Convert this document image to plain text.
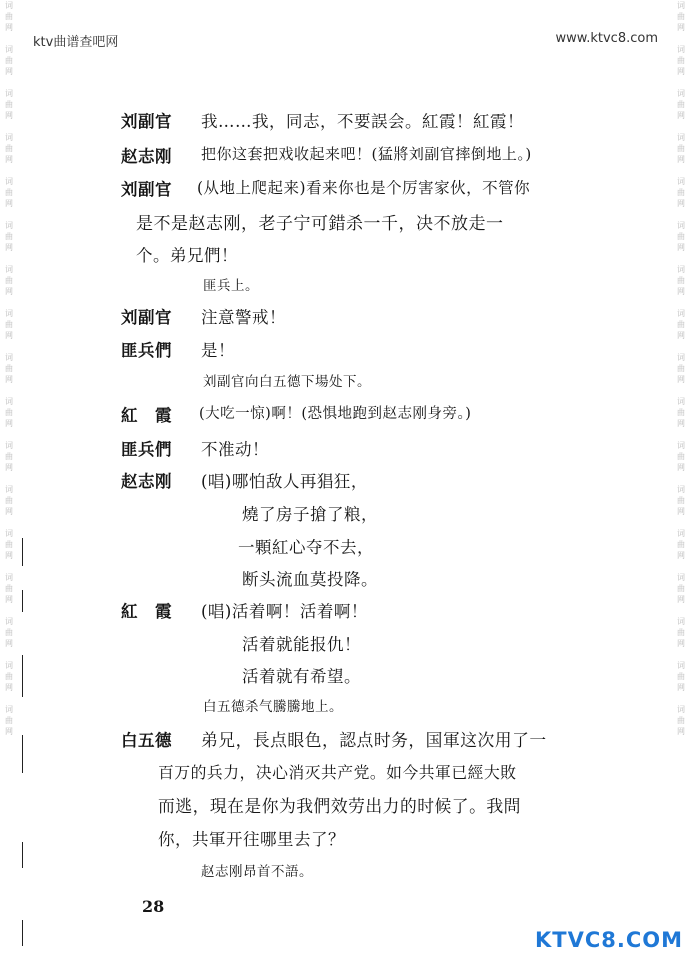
ktv曲谱查吧网	www.ktvc8.com
词
曲
网

词
曲
网

词
曲
网

词
曲
网

词
曲
网

词
曲
网

词
曲
网

词
曲
网

词
曲
网

词
曲
网

词
曲
网

词
曲
网

词
曲
网

词
曲
网

词
曲
网

词
曲
网

词
曲
网

词
曲
网

词
曲
网

词
曲
网

词
曲
网

词
曲
网

词
曲
网

词
曲
网

词
曲
网

词
曲
网

词
曲
网

词
曲
网

词
曲
网

词
曲
网

词
曲
网

词
曲
网

词
曲
网

词
曲
网

刘副官 我……我，同志，不要誤会。紅霞！紅霞！
赵志刚 把你这套把戏收起来吧！(猛將刘副官摔倒地上。)
刘副官 (从地上爬起来)看来你也是个厉害家伙，不管你
是不是赵志刚，老子宁可錯杀一千，决不放走一
个。弟兄們！
匪兵上。
刘副官 注意警戒！
匪兵們 是！
刘副官向白五德下場处下。
紅　霞 (大吃一惊)啊！(恐惧地跑到赵志刚身旁。)
匪兵們 不准动！
赵志刚 (唱)哪怕敌人再猖狂，
燒了房子搶了粮，
一顆紅心夺不去，
断头流血莫投降。
紅　霞 (唱)活着啊！活着啊！
活着就能报仇！
活着就有希望。
白五德杀气騰騰地上。
白五德 弟兄，長点眼色，認点时务，国軍这次用了一
百万的兵力，决心消灭共产党。如今共軍已經大敗
而逃，現在是你为我們效劳出力的时候了。我問
你，共軍开往哪里去了？
赵志刚昂首不語。
28
KTVC8.COM
